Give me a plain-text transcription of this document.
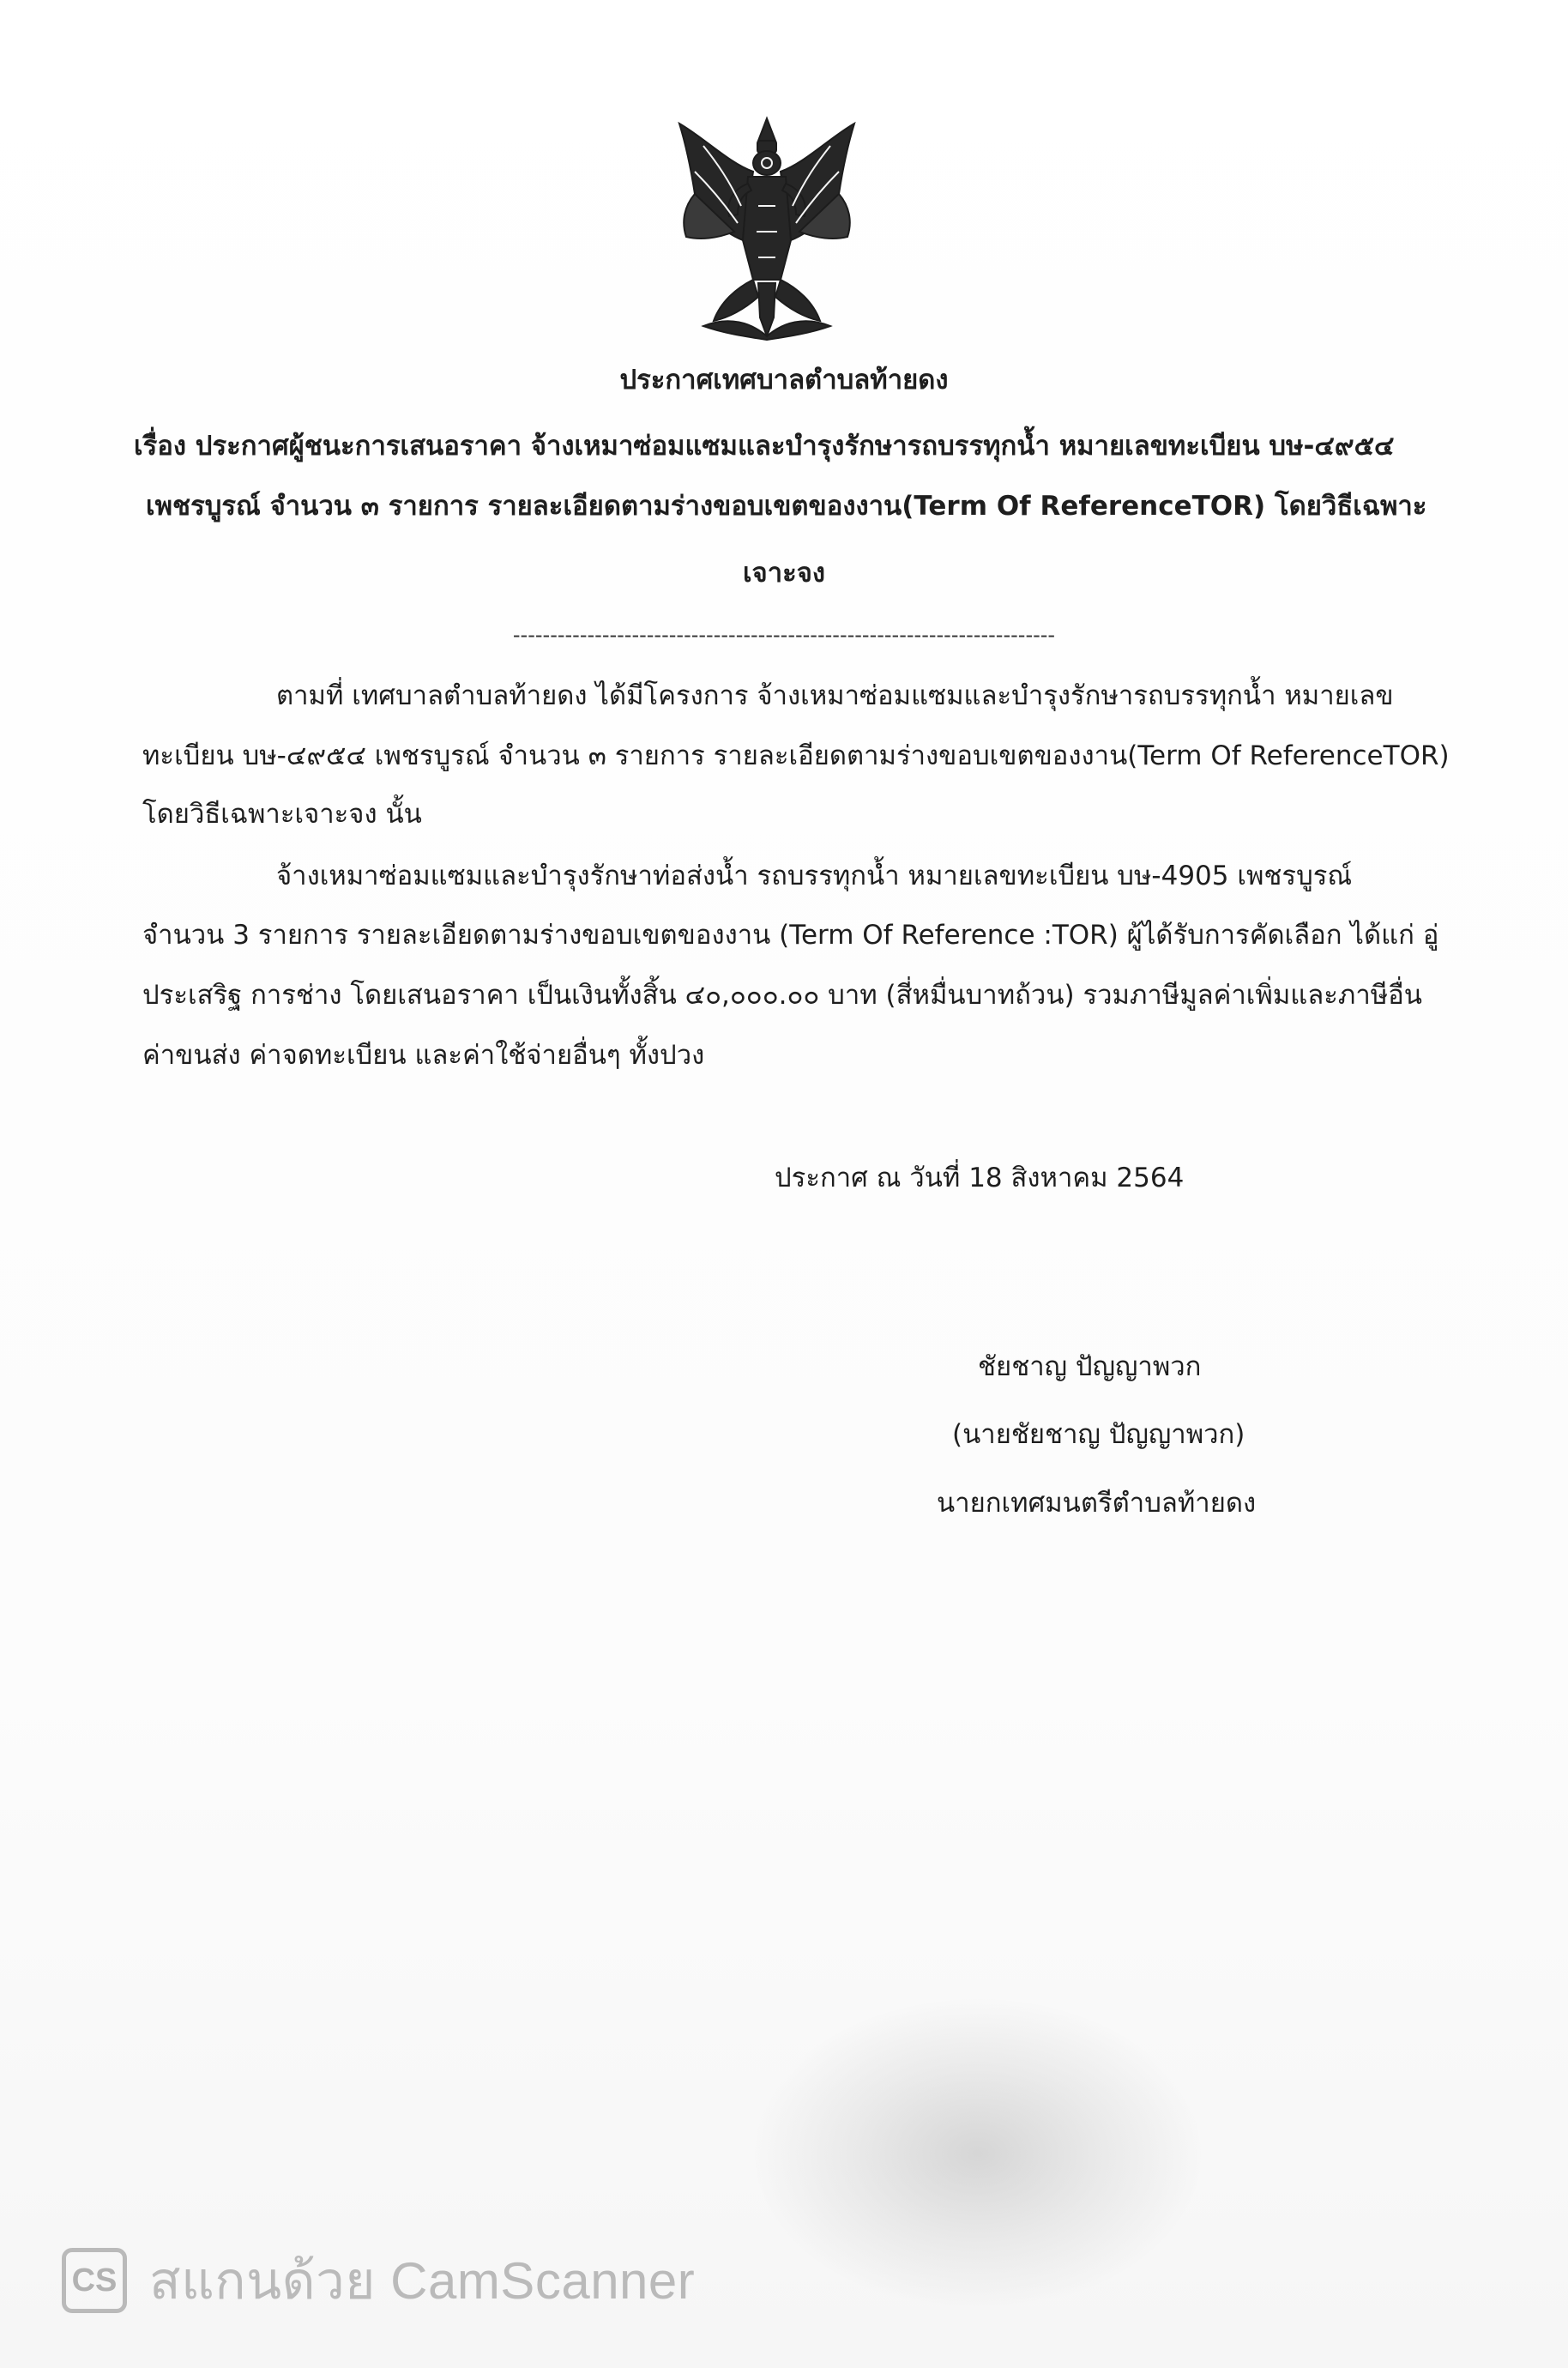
ประกาศเทศบาลตำบลท้ายดง
เรื่อง ประกาศผู้ชนะการเสนอราคา จ้างเหมาซ่อมแซมและบำรุงรักษารถบรรทุกน้ำ หมายเลขทะเบียน บษ-๔๙๕๔
เพชรบูรณ์ จำนวน ๓ รายการ รายละเอียดตามร่างขอบเขตของงาน(Term Of ReferenceTOR) โดยวิธีเฉพาะ
เจาะจง
-------------------------------------------------------------------------
ตามที่ เทศบาลตำบลท้ายดง ได้มีโครงการ จ้างเหมาซ่อมแซมและบำรุงรักษารถบรรทุกน้ำ หมายเลข
ทะเบียน บษ-๔๙๕๔ เพชรบูรณ์ จำนวน ๓ รายการ รายละเอียดตามร่างขอบเขตของงาน(Term Of ReferenceTOR)
โดยวิธีเฉพาะเจาะจง นั้น
จ้างเหมาซ่อมแซมและบำรุงรักษาท่อส่งน้ำ รถบรรทุกน้ำ หมายเลขทะเบียน บษ-4905 เพชรบูรณ์
จำนวน 3 รายการ รายละเอียดตามร่างขอบเขตของงาน (Term Of Reference :TOR) ผู้ได้รับการคัดเลือก ได้แก่ อู่
ประเสริฐ การช่าง โดยเสนอราคา เป็นเงินทั้งสิ้น ๔๐,๐๐๐.๐๐ บาท (สี่หมื่นบาทถ้วน) รวมภาษีมูลค่าเพิ่มและภาษีอื่น
ค่าขนส่ง ค่าจดทะเบียน และค่าใช้จ่ายอื่นๆ ทั้งปวง
ประกาศ ณ วันที่ 18 สิงหาคม 2564
ชัยชาญ ปัญญาพวก
(นายชัยชาญ ปัญญาพวก)
นายกเทศมนตรีตำบลท้ายดง
CS สแกนด้วย CamScanner
